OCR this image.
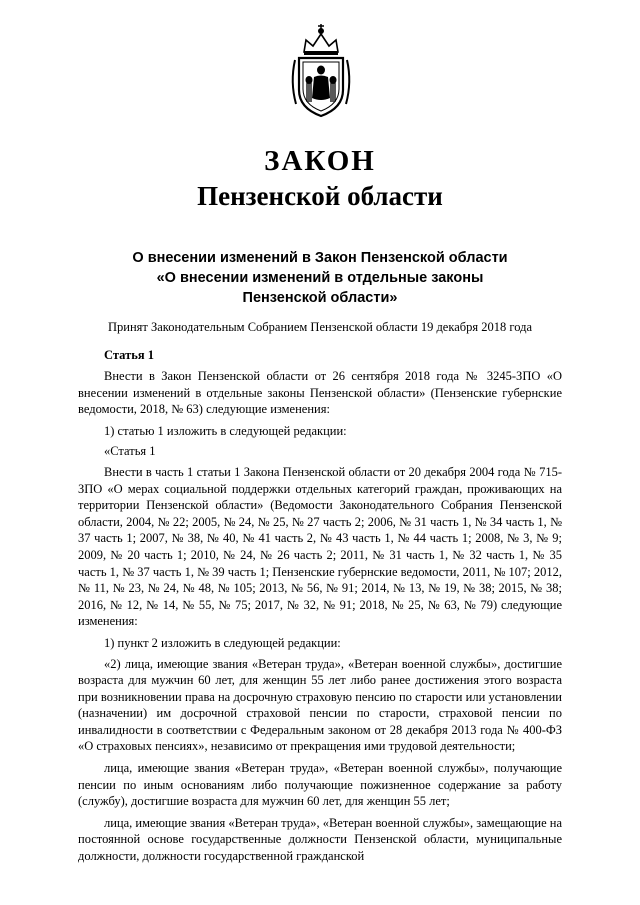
ЗАКОН
Пензенской области
О внесении изменений в Закон Пензенской области
«О внесении изменений в отдельные законы
Пензенской области»

Принят Законодательным Собранием Пензенской области 19 декабря 2018 года

Статья 1

Внести в Закон Пензенской области от 26 сентября 2018 года № 3245-ЗПО «О внесении изменений в отдельные законы Пензенской области» (Пензенские губернские ведомости, 2018, № 63) следующие изменения:

1) статью 1 изложить в следующей редакции:

«Статья 1

Внести в часть 1 статьи 1 Закона Пензенской области от 20 декабря 2004 года № 715-ЗПО «О мерах социальной поддержки отдельных категорий граждан, проживающих на территории Пензенской области» (Ведомости Законодательного Собрания Пензенской области, 2004, № 22; 2005, № 24, № 25, № 27 часть 2; 2006, № 31 часть 1, № 34 часть 1, № 37 часть 1; 2007, № 38, № 40, № 41 часть 2, № 43 часть 1, № 44 часть 1; 2008, № 3, № 9; 2009, № 20 часть 1; 2010, № 24, № 26 часть 2; 2011, № 31 часть 1, № 32 часть 1, № 35 часть 1, № 37 часть 1, № 39 часть 1; Пензенские губернские ведомости, 2011, № 107; 2012, № 11, № 23, № 24, № 48, № 105; 2013, № 56, № 91; 2014, № 13, № 19, № 38; 2015, № 38; 2016, № 12, № 14, № 55, № 75; 2017, № 32, № 91; 2018, № 25, № 63, № 79) следующие изменения:

1) пункт 2 изложить в следующей редакции:

«2) лица, имеющие звания «Ветеран труда», «Ветеран военной службы», достигшие возраста для мужчин 60 лет, для женщин 55 лет либо ранее достижения этого возраста при возникновении права на досрочную страховую пенсию по старости или установлении (назначении) им досрочной страховой пенсии по старости, страховой пенсии по инвалидности в соответствии с Федеральным законом от 28 декабря 2013 года № 400-ФЗ «О страховых пенсиях», независимо от прекращения ими трудовой деятельности;

лица, имеющие звания «Ветеран труда», «Ветеран военной службы», получающие пенсии по иным основаниям либо получающие пожизненное содержание за работу (службу), достигшие возраста для мужчин 60 лет, для женщин 55 лет;

лица, имеющие звания «Ветеран труда», «Ветеран военной службы», замещающие на постоянной основе государственные должности Пензенской области, муниципальные должности, должности государственной гражданской
